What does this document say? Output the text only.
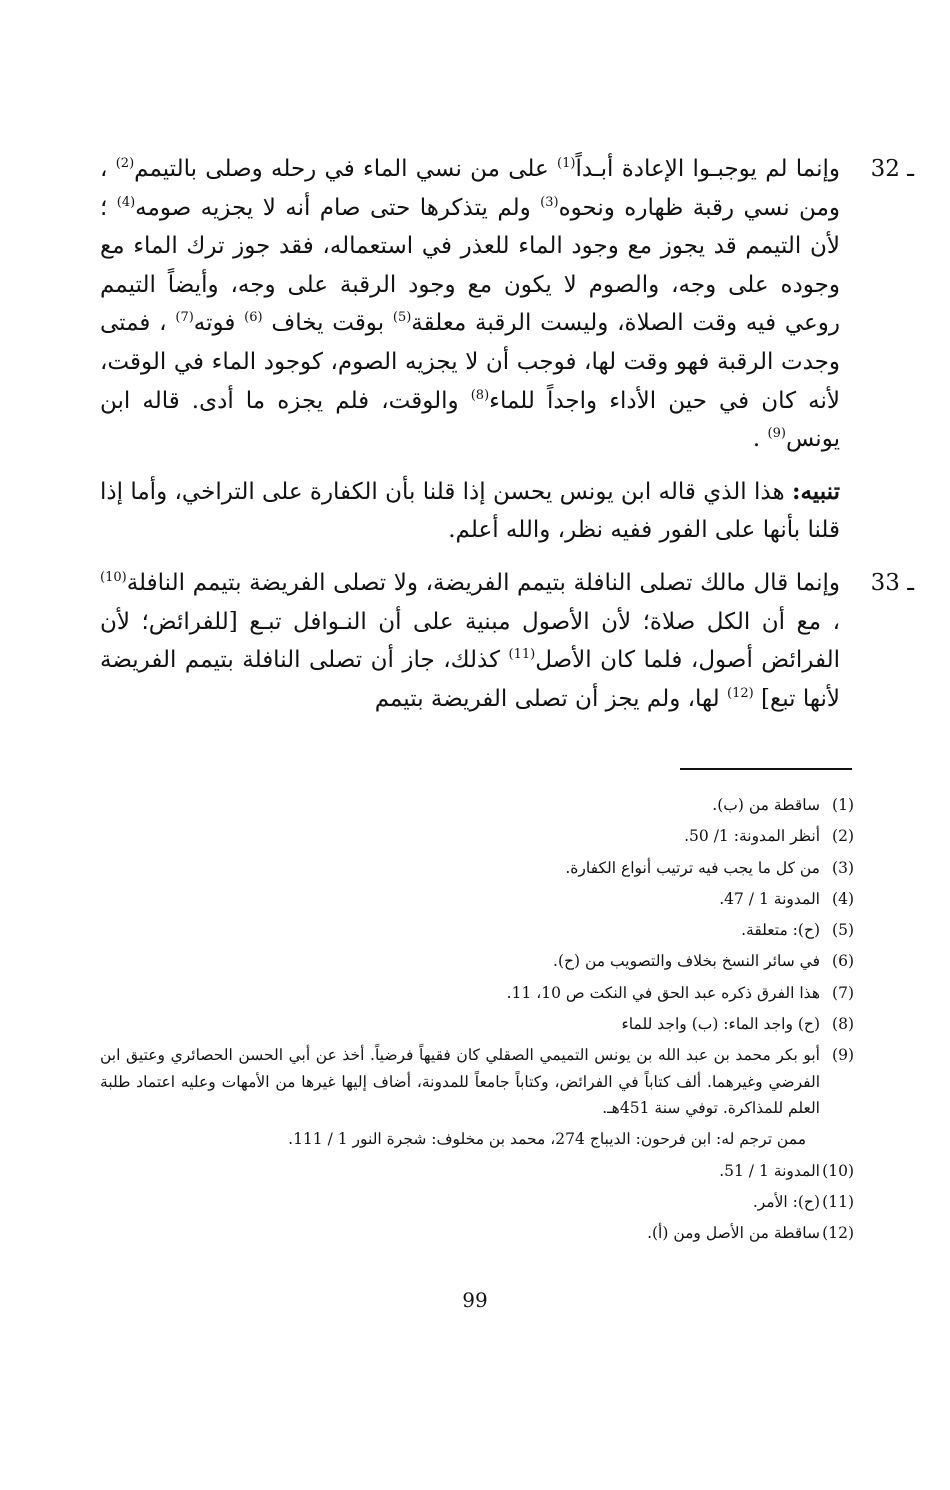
32 ـ
وإنما لم يوجبـوا الإعادة أبـداً$^{(1)}$ على من نسي الماء في رحله وصلى بالتيمم$^{(2)}$ ، ومن نسي رقبة ظهاره ونحوه$^{(3)}$ ولم يتذكرها حتى صام أنه لا يجزيه صومه$^{(4)}$ ؛ لأن التيمم قد يجوز مع وجود الماء للعذر في استعماله، فقد جوز ترك الماء مع وجوده على وجه، والصوم لا يكون مع وجود الرقبة على وجه، وأيضاً التيمم روعي فيه وقت الصلاة، وليست الرقبة معلقة$^{(5)}$ بوقت يخاف $^{(6)}$ فوته$^{(7)}$ ، فمتى وجدت الرقبة فهو وقت لها، فوجب أن لا يجزيه الصوم، كوجود الماء في الوقت، لأنه كان في حين الأداء واجداً للماء$^{(8)}$ والوقت، فلم يجزه ما أدى. قاله ابن يونس$^{(9)}$ .

تنبيه: هذا الذي قاله ابن يونس يحسن إذا قلنا بأن الكفارة على التراخي، وأما إذا قلنا بأنها على الفور ففيه نظر، والله أعلم.

33 ـ
وإنما قال مالك تصلى النافلة بتيمم الفريضة، ولا تصلى الفريضة بتيمم النافلة$^{(10)}$ ، مع أن الكل صلاة؛ لأن الأصول مبنية على أن النـوافل تبـع [للفرائض؛ لأن الفرائض أصول، فلما كان الأصل$^{(11)}$ كذلك، جاز أن تصلى النافلة بتيمم الفريضة لأنها تبع] $^{(12)}$ لها، ولم يجز أن تصلى الفريضة بتيمم

(1)
ساقطة من (ب).
(2)
أنظر المدونة: 1/ 50.
(3)
من كل ما يجب فيه ترتيب أنواع الكفارة.
(4)
المدونة 1 / 47.
(5)
(ح): متعلقة.
(6)
في سائر النسخ بخلاف والتصويب من (ح).
(7)
هذا الفرق ذكره عبد الحق في النكت ص 10، 11.
(8)
(ح) واجد الماء: (ب) واجد للماء
(9)
أبو بكر محمد بن عبد الله بن يونس التميمي الصقلي كان فقيهاً فرضياً. أخذ عن أبي الحسن الحصائري وعتيق ابن الفرضي وغيرهما. ألف كتاباً في الفرائض، وكتاباً جامعاً للمدونة، أضاف إليها غيرها من الأمهات وعليه اعتماد طلبة العلم للمذاكرة. توفي سنة 451هـ.
ممن ترجم له: ابن فرحون: الديباج 274، محمد بن مخلوف: شجرة النور 1 / 111.
(10)
المدونة 1 / 51.
(11)
(ح): الأمر.
(12)
ساقطة من الأصل ومن (أ).
99
